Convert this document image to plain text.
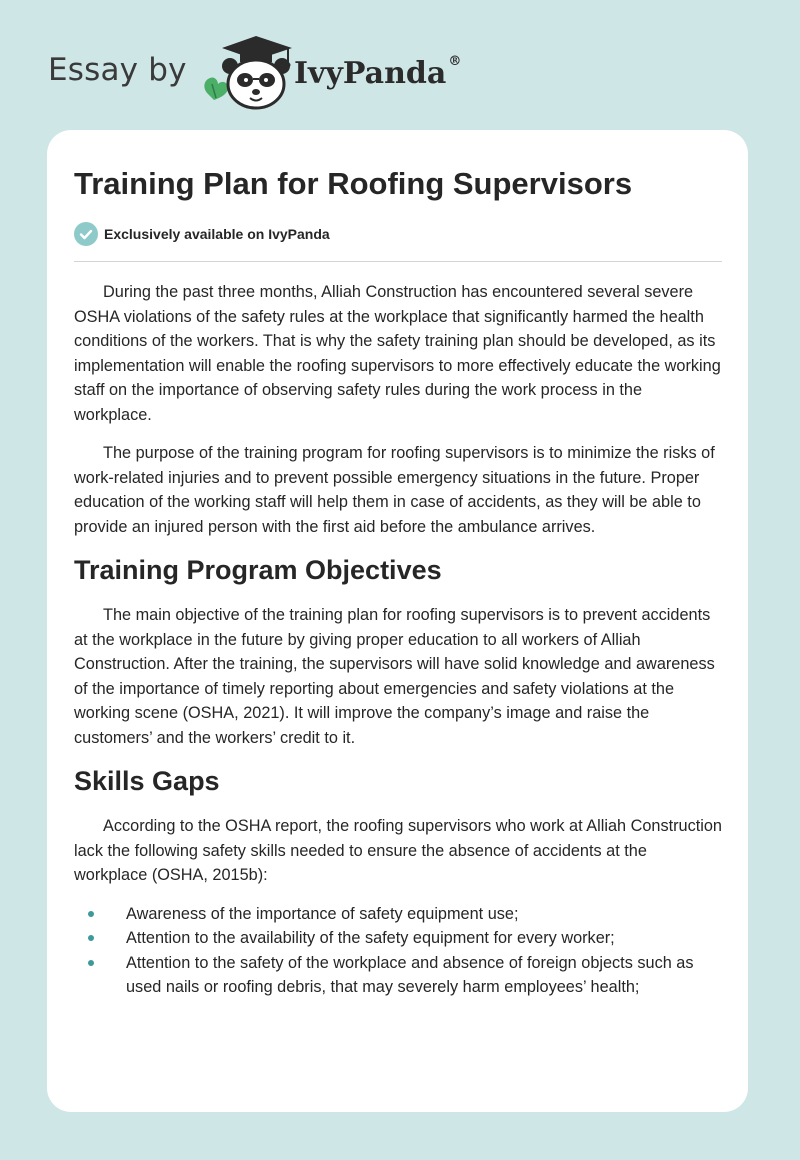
Essay by	IvyPanda ®
Training Plan for Roofing Supervisors
Exclusively available on IvyPanda

During the past three months, Alliah Construction has encountered several severe OSHA violations of the safety rules at the workplace that significantly harmed the health conditions of the workers. That is why the safety training plan should be developed, as its implementation will enable the roofing supervisors to more effectively educate the working staff on the importance of observing safety rules during the work process in the workplace.

The purpose of the training program for roofing supervisors is to minimize the risks of work-related injuries and to prevent possible emergency situations in the future. Proper education of the working staff will help them in case of accidents, as they will be able to provide an injured person with the first aid before the ambulance arrives.

Training Program Objectives

The main objective of the training plan for roofing supervisors is to prevent accidents at the workplace in the future by giving proper education to all workers of Alliah Construction. After the training, the supervisors will have solid knowledge and awareness of the importance of timely reporting about emergencies and safety violations at the working scene (OSHA, 2021). It will improve the company’s image and raise the customers’ and the workers’ credit to it.

Skills Gaps

According to the OSHA report, the roofing supervisors who work at Alliah Construction lack the following safety skills needed to ensure the absence of accidents at the workplace (OSHA, 2015b):

Awareness of the importance of safety equipment use;
Attention to the availability of the safety equipment for every worker;
Attention to the safety of the workplace and absence of foreign objects such as used nails or roofing debris, that may severely harm employees’ health;
